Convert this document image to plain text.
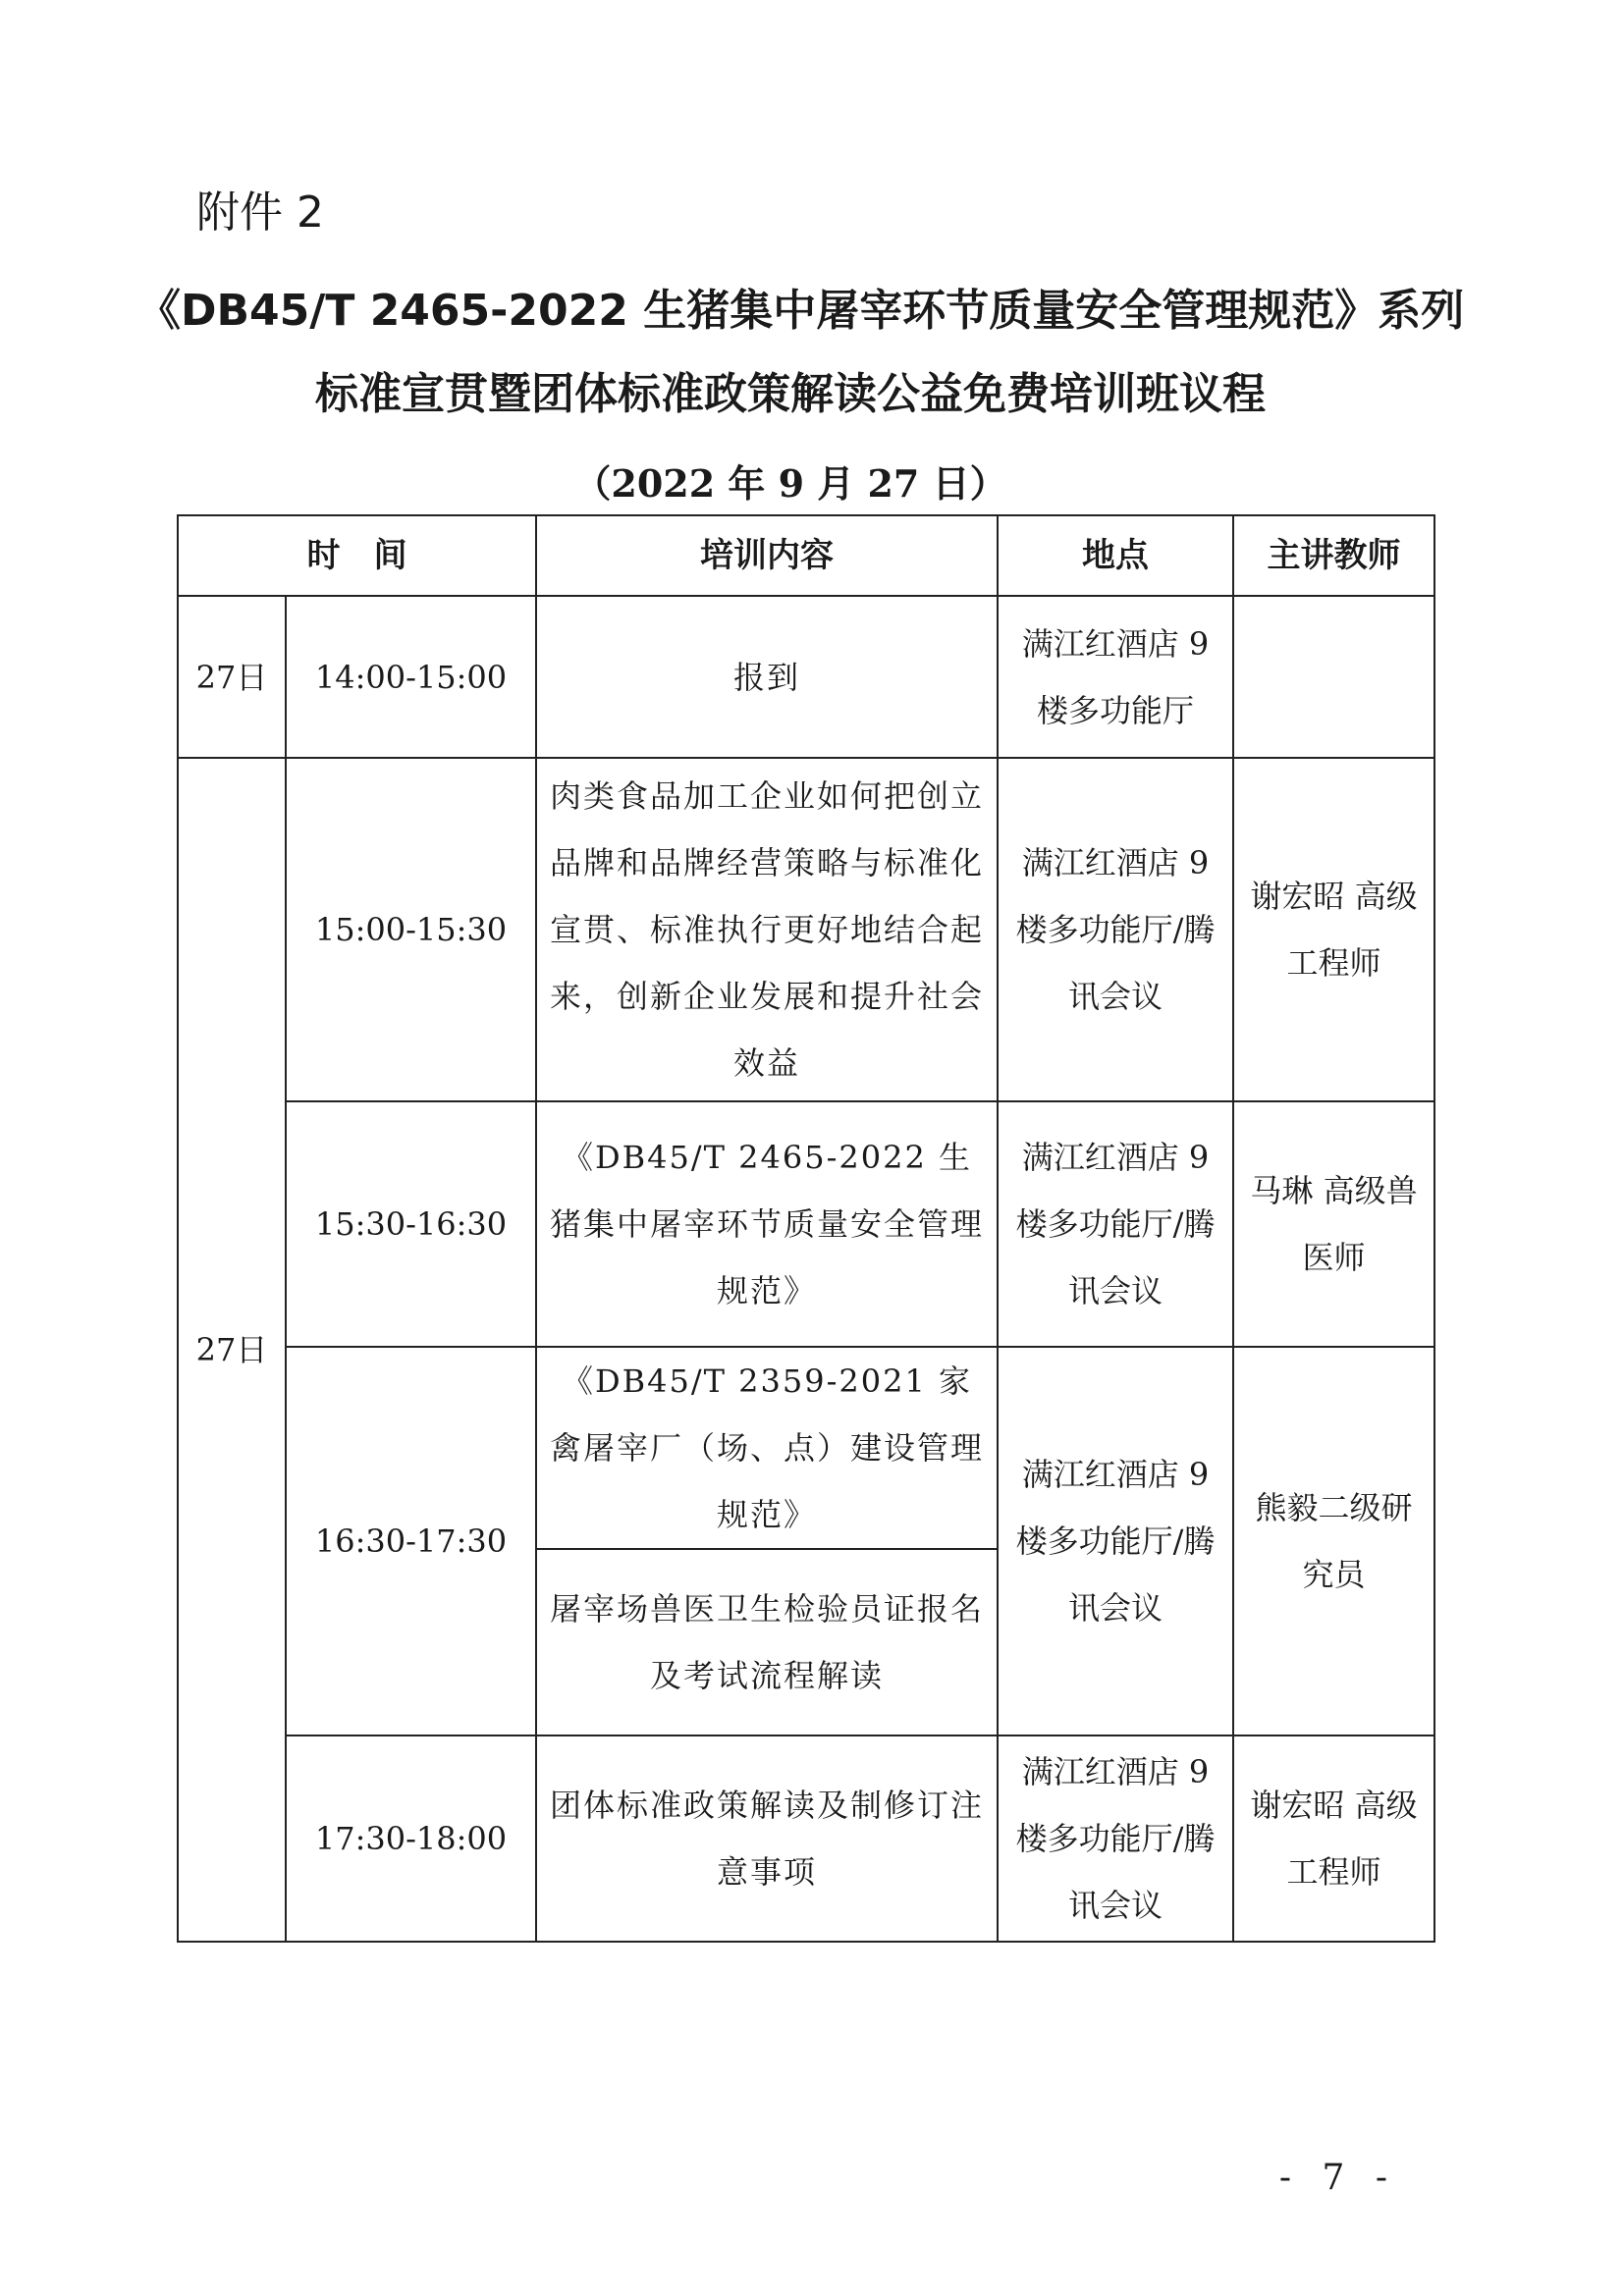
附件 2
《DB45/T 2465-2022 生猪集中屠宰环节质量安全管理规范》系列
标准宣贯暨团体标准政策解读公益免费培训班议程
（2022 年 9 月 27 日）
时　间		培训内容	地点	主讲教师
27日	14:00-15:00	报到	满江红酒店 9 楼多功能厅	
27日	15:00-15:30	肉类食品加工企业如何把创立品牌和品牌经营策略与标准化宣贯、标准执行更好地结合起来，创新企业发展和提升社会效益	满江红酒店 9 楼多功能厅/腾讯会议	谢宏昭 高级工程师
	15:30-16:30	《DB45/T 2465-2022 生猪集中屠宰环节质量安全管理规范》	满江红酒店 9 楼多功能厅/腾讯会议	马琳 高级兽医师
	16:30-17:30	《DB45/T 2359-2021 家禽屠宰厂（场、点）建设管理规范》	满江红酒店 9 楼多功能厅/腾讯会议	熊毅二级研究员
		屠宰场兽医卫生检验员证报名及考试流程解读		
	17:30-18:00	团体标准政策解读及制修订注意事项	满江红酒店 9 楼多功能厅/腾讯会议	谢宏昭 高级工程师
- 7 -
